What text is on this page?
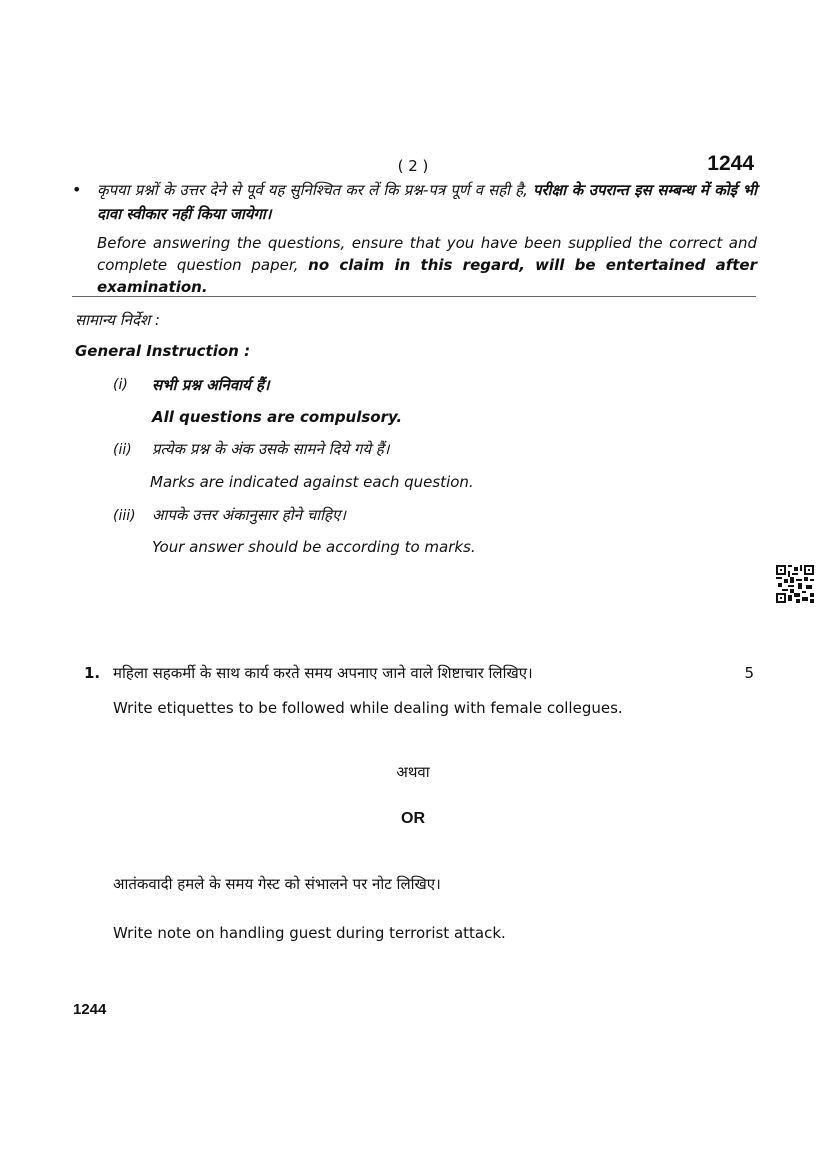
( 2 )	1244
• कृपया प्रश्नों के उत्तर देने से पूर्व यह सुनिश्चित कर लें कि प्रश्न-पत्र पूर्ण व सही है, परीक्षा के उपरान्त इस सम्बन्ध में कोई भी दावा स्वीकार नहीं किया जायेगा।
Before answering the questions, ensure that you have been supplied the correct and complete question paper, no claim in this regard, will be entertained after examination.
सामान्य निर्देश :
General Instruction :
(i) सभी प्रश्न अनिवार्य हैं।
All questions are compulsory.
(ii) प्रत्येक प्रश्न के अंक उसके सामने दिये गये हैं।
Marks are indicated against each question.
(iii) आपके उत्तर अंकानुसार होने चाहिए।
Your answer should be according to marks.
1. महिला सहकर्मी के साथ कार्य करते समय अपनाए जाने वाले शिष्टाचार लिखिए।	5
Write etiquettes to be followed while dealing with female collegues.
अथवा
OR
आतंकवादी हमले के समय गेस्ट को संभालने पर नोट लिखिए।
Write note on handling guest during terrorist attack.
1244
